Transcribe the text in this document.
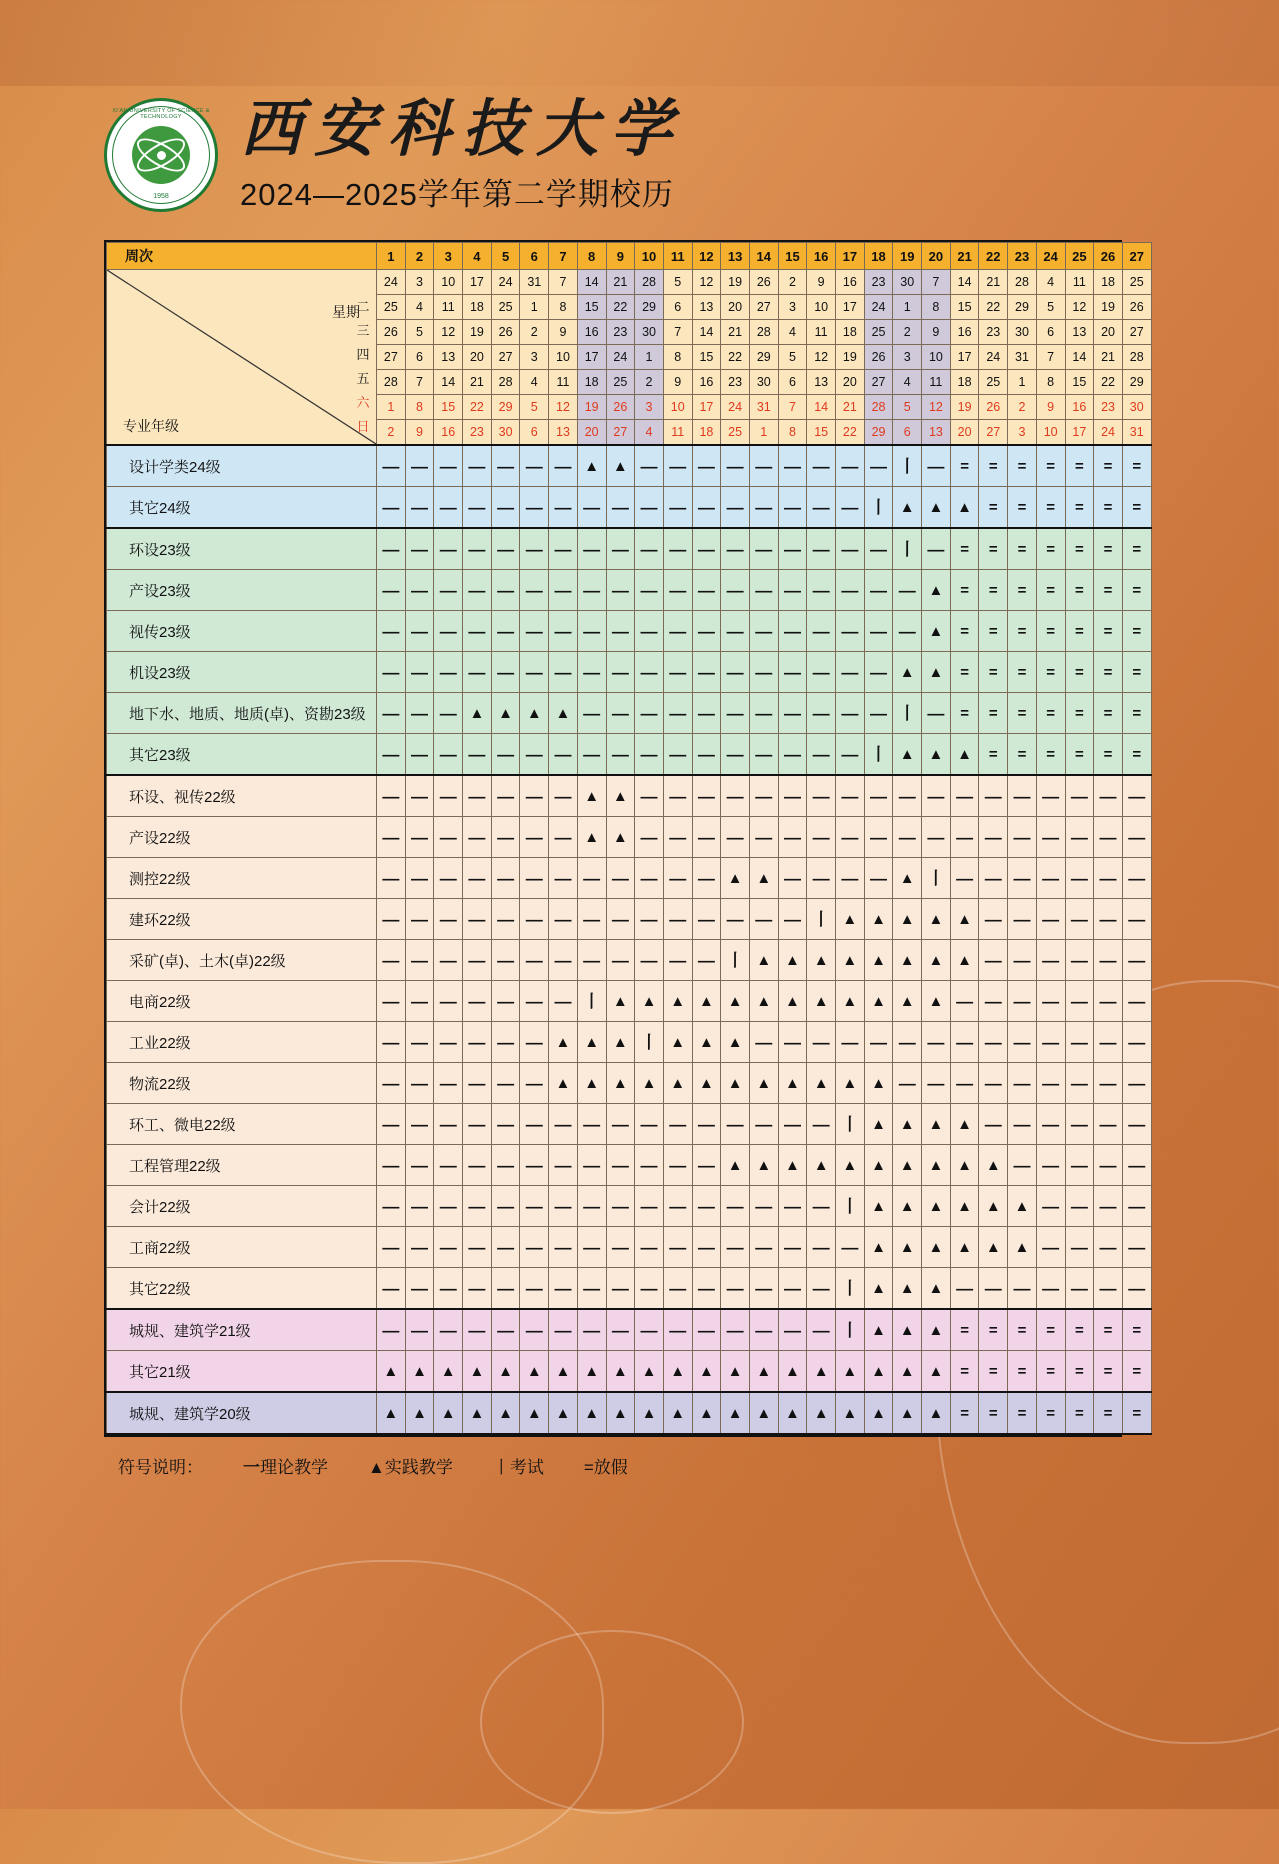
XI'AN UNIVERSITY OF SCIENCE & TECHNOLOGY
1958
西安科技大学
2024—2025学年第二学期校历
周次	1	2	3	4	5	6	7	8	9	10	11	12	13	14	15	16	17	18	19	20	21	22	23	24	25	26	27

星期
专业年级
二
三
四
五
六
日
	24	3	10	17	24	31	7	14	21	28	5	12	19	26	2	9	16	23	30	7	14	21	28	4	11	18	25
	25	4	11	18	25	1	8	15	22	29	6	13	20	27	3	10	17	24	1	8	15	22	29	5	12	19	26
	26	5	12	19	26	2	9	16	23	30	7	14	21	28	4	11	18	25	2	9	16	23	30	6	13	20	27
	27	6	13	20	27	3	10	17	24	1	8	15	22	29	5	12	19	26	3	10	17	24	31	7	14	21	28
	28	7	14	21	28	4	11	18	25	2	9	16	23	30	6	13	20	27	4	11	18	25	1	8	15	22	29
	1	8	15	22	29	5	12	19	26	3	10	17	24	31	7	14	21	28	5	12	19	26	2	9	16	23	30
	2	9	16	23	30	6	13	20	27	4	11	18	25	1	8	15	22	29	6	13	20	27	3	10	17	24	31
设计学类24级	—	—	—	—	—	—	—	▲	▲	—	—	—	—	—	—	—	—	—	丨	—	=	=	=	=	=	=	=
其它24级	—	—	—	—	—	—	—	—	—	—	—	—	—	—	—	—	—	丨	▲	▲	▲	=	=	=	=	=	=
环设23级	—	—	—	—	—	—	—	—	—	—	—	—	—	—	—	—	—	—	丨	—	=	=	=	=	=	=	=
产设23级	—	—	—	—	—	—	—	—	—	—	—	—	—	—	—	—	—	—	—	▲	=	=	=	=	=	=	=
视传23级	—	—	—	—	—	—	—	—	—	—	—	—	—	—	—	—	—	—	—	▲	=	=	=	=	=	=	=
机设23级	—	—	—	—	—	—	—	—	—	—	—	—	—	—	—	—	—	—	▲	▲	=	=	=	=	=	=	=
地下水、地质、地质(卓)、资勘23级	—	—	—	▲	▲	▲	▲	—	—	—	—	—	—	—	—	—	—	—	丨	—	=	=	=	=	=	=	=
其它23级	—	—	—	—	—	—	—	—	—	—	—	—	—	—	—	—	—	丨	▲	▲	▲	=	=	=	=	=	=
环设、视传22级	—	—	—	—	—	—	—	▲	▲	—	—	—	—	—	—	—	—	—	—	—	—	—	—	—	—	—	—
产设22级	—	—	—	—	—	—	—	▲	▲	—	—	—	—	—	—	—	—	—	—	—	—	—	—	—	—	—	—
测控22级	—	—	—	—	—	—	—	—	—	—	—	—	▲	▲	—	—	—	—	▲	丨	—	—	—	—	—	—	—
建环22级	—	—	—	—	—	—	—	—	—	—	—	—	—	—	—	丨	▲	▲	▲	▲	▲	—	—	—	—	—	—
采矿(卓)、土木(卓)22级	—	—	—	—	—	—	—	—	—	—	—	—	丨	▲	▲	▲	▲	▲	▲	▲	▲	—	—	—	—	—	—
电商22级	—	—	—	—	—	—	—	丨	▲	▲	▲	▲	▲	▲	▲	▲	▲	▲	▲	▲	—	—	—	—	—	—	—
工业22级	—	—	—	—	—	—	▲	▲	▲	丨	▲	▲	▲	—	—	—	—	—	—	—	—	—	—	—	—	—	—
物流22级	—	—	—	—	—	—	▲	▲	▲	▲	▲	▲	▲	▲	▲	▲	▲	▲	—	—	—	—	—	—	—	—	—
环工、微电22级	—	—	—	—	—	—	—	—	—	—	—	—	—	—	—	—	丨	▲	▲	▲	▲	—	—	—	—	—	—
工程管理22级	—	—	—	—	—	—	—	—	—	—	—	—	▲	▲	▲	▲	▲	▲	▲	▲	▲	▲	—	—	—	—	—
会计22级	—	—	—	—	—	—	—	—	—	—	—	—	—	—	—	—	丨	▲	▲	▲	▲	▲	▲	—	—	—	—
工商22级	—	—	—	—	—	—	—	—	—	—	—	—	—	—	—	—	—	▲	▲	▲	▲	▲	▲	—	—	—	—
其它22级	—	—	—	—	—	—	—	—	—	—	—	—	—	—	—	—	丨	▲	▲	▲	—	—	—	—	—	—	—
城规、建筑学21级	—	—	—	—	—	—	—	—	—	—	—	—	—	—	—	—	丨	▲	▲	▲	=	=	=	=	=	=	=
其它21级	▲	▲	▲	▲	▲	▲	▲	▲	▲	▲	▲	▲	▲	▲	▲	▲	▲	▲	▲	▲	=	=	=	=	=	=	=
城规、建筑学20级	▲	▲	▲	▲	▲	▲	▲	▲	▲	▲	▲	▲	▲	▲	▲	▲	▲	▲	▲	▲	=	=	=	=	=	=	=
符号说明： 一理论教学 ▲实践教学 丨考试 =放假
